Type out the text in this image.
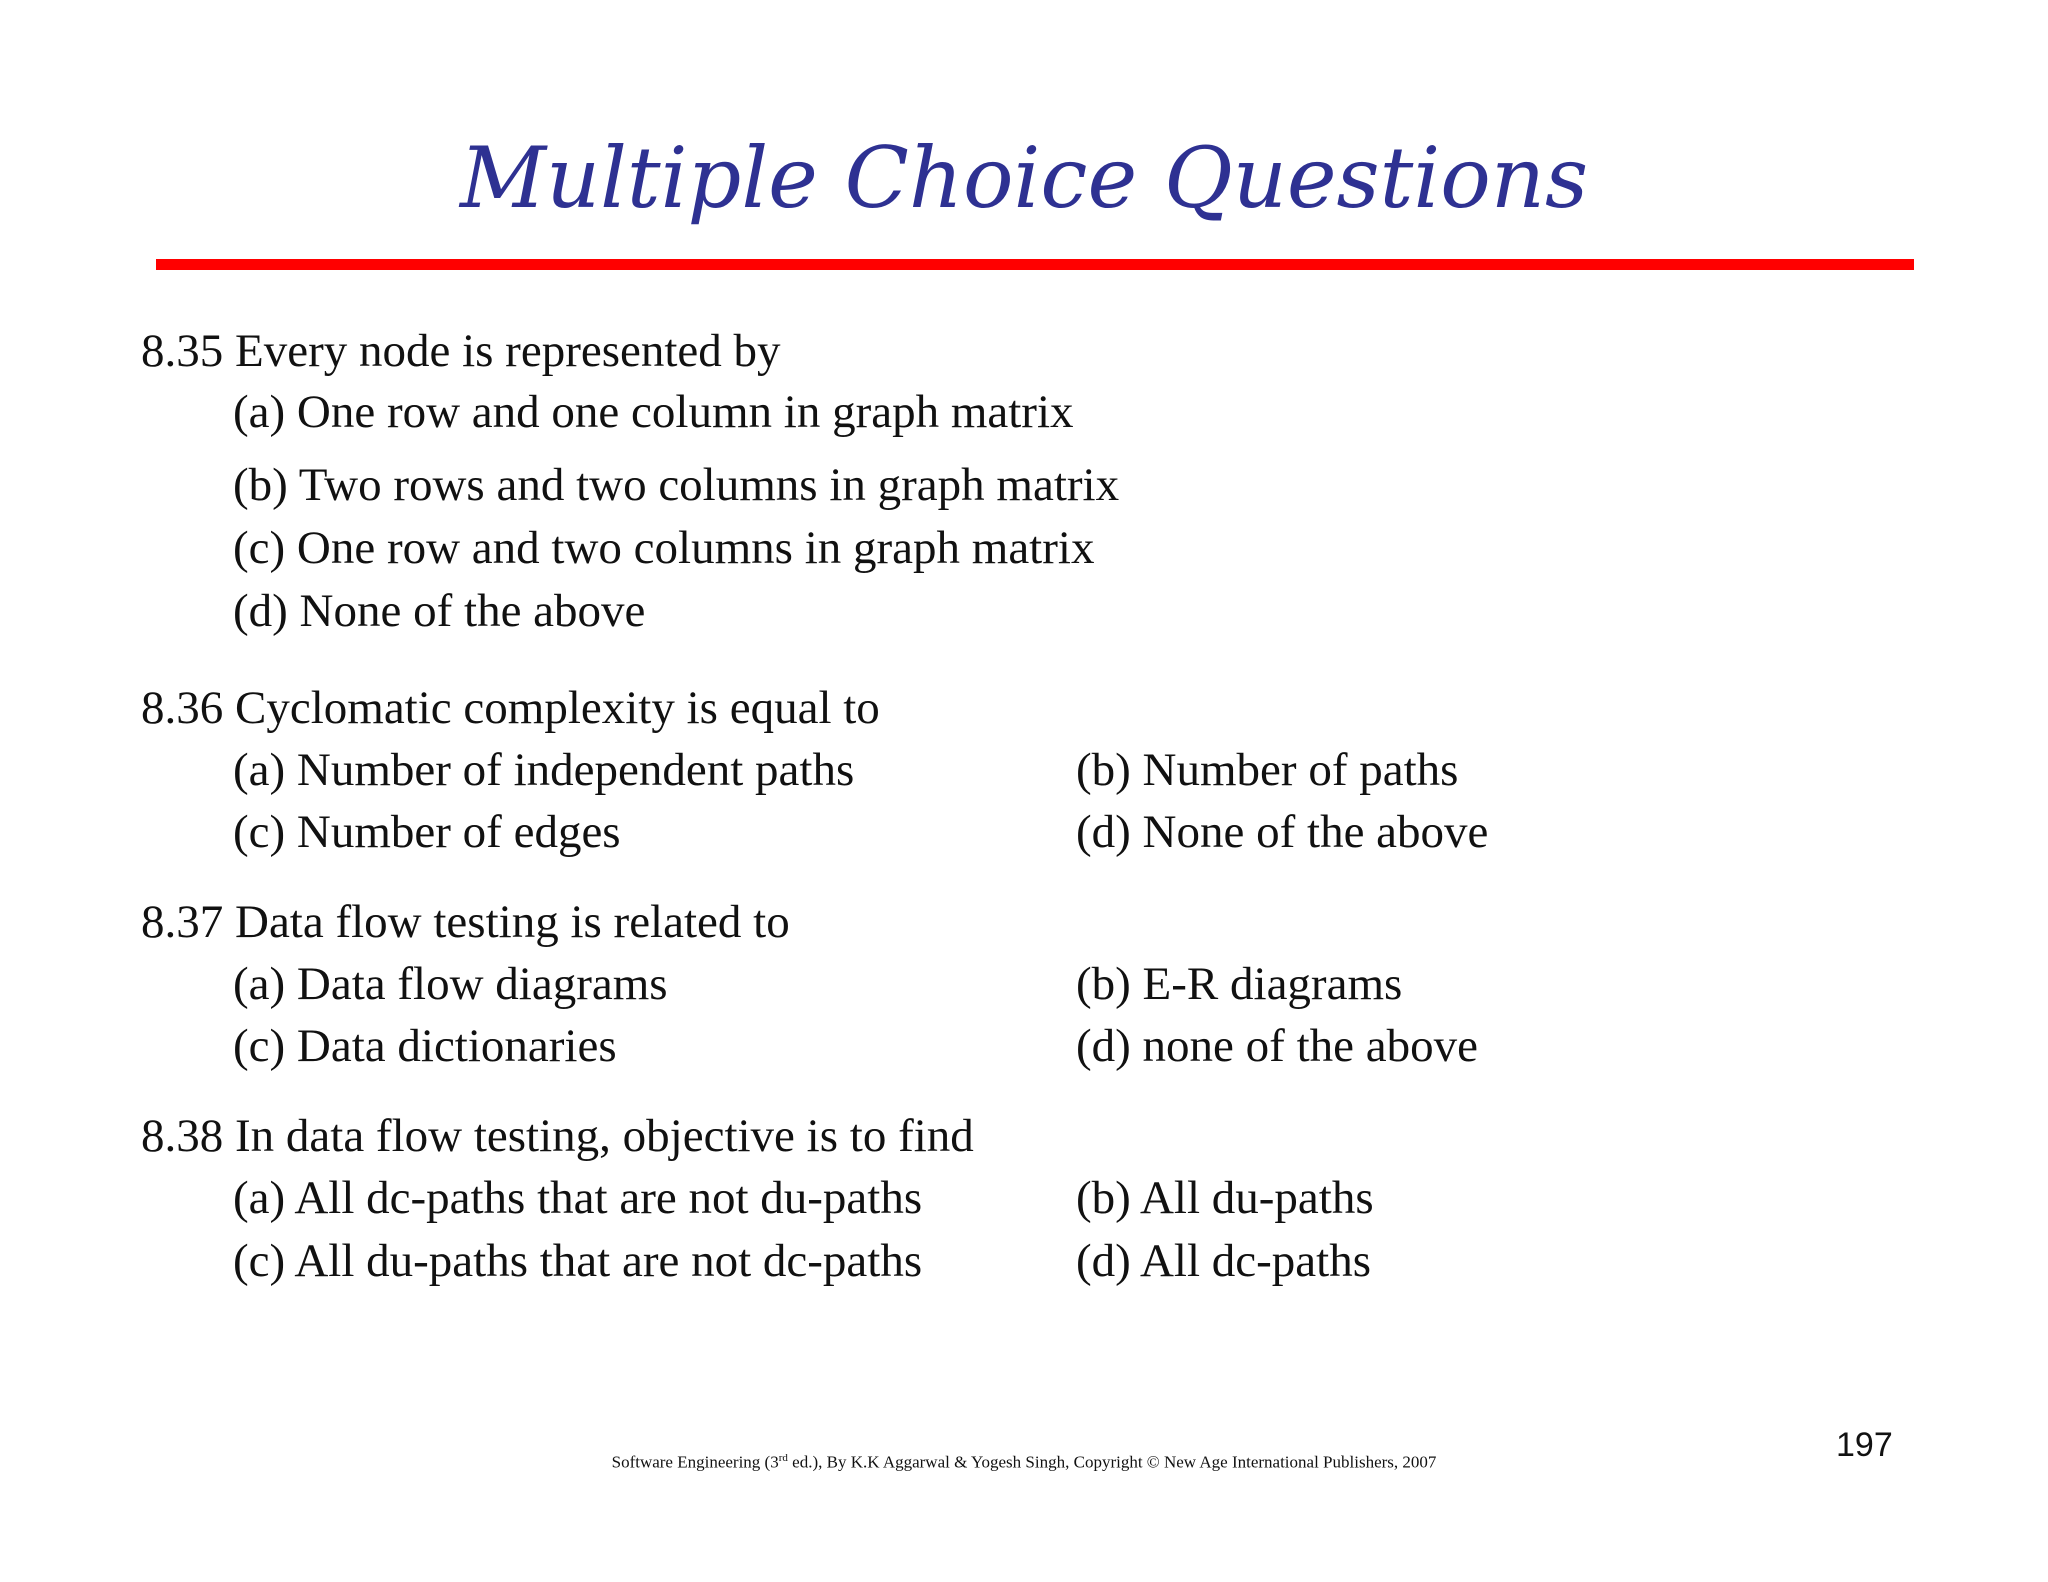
Multiple Choice Questions
8.35 Every node is represented by
(a) One row and one column in graph matrix
(b) Two rows and two columns in graph matrix
(c) One row and two columns in graph matrix
(d) None of the above
8.36 Cyclomatic complexity is equal to
(a) Number of independent paths	(b) Number of paths
(c) Number of edges	(d) None of the above
8.37 Data flow testing is related to
(a) Data flow diagrams	(b) E-R diagrams
(c) Data dictionaries	(d) none of the above
8.38 In data flow testing, objective is to find
(a) All dc-paths that are not du-paths	(b) All du-paths
(c) All du-paths that are not dc-paths	(d) All dc-paths
Software Engineering (3rd ed.), By K.K Aggarwal & Yogesh Singh, Copyright © New Age International Publishers, 2007	197
